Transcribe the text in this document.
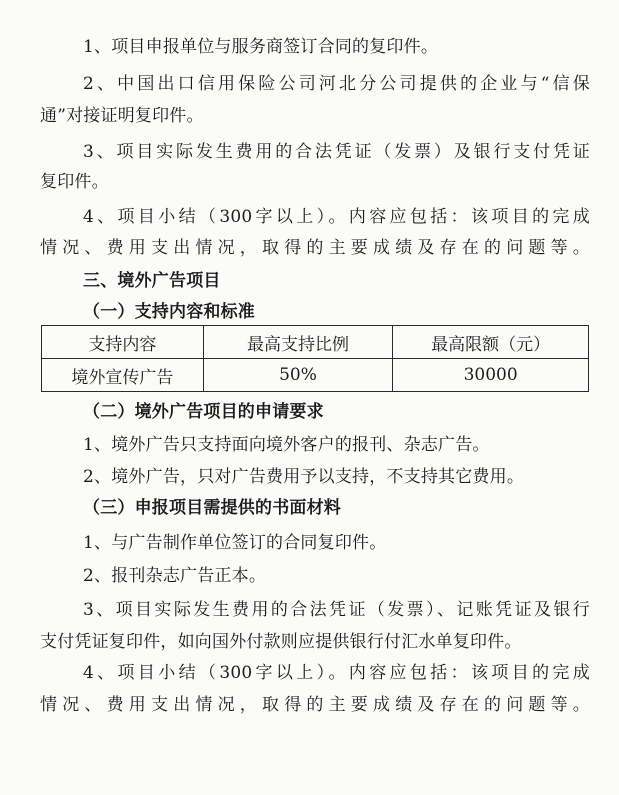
1、项目申报单位与服务商签订合同的复印件。
2、中国出口信用保险公司河北分公司提供的企业与“信保
通”对接证明复印件。
3、项目实际发生费用的合法凭证（发票）及银行支付凭证
复印件。
4、项目小结（300字以上）。内容应包括：该项目的完成
情况、费用支出情况，取得的主要成绩及存在的问题等。
三、境外广告项目
（一）支持内容和标准
支持内容	最高支持比例	最高限额（元）
境外宣传广告	50%	30000
（二）境外广告项目的申请要求
1、境外广告只支持面向境外客户的报刊、杂志广告。
2、境外广告，只对广告费用予以支持，不支持其它费用。
（三）申报项目需提供的书面材料
1、与广告制作单位签订的合同复印件。
2、报刊杂志广告正本。
3、项目实际发生费用的合法凭证（发票）、记账凭证及银行
支付凭证复印件，如向国外付款则应提供银行付汇水单复印件。
4、项目小结（300字以上）。内容应包括：该项目的完成
情况、费用支出情况，取得的主要成绩及存在的问题等。
